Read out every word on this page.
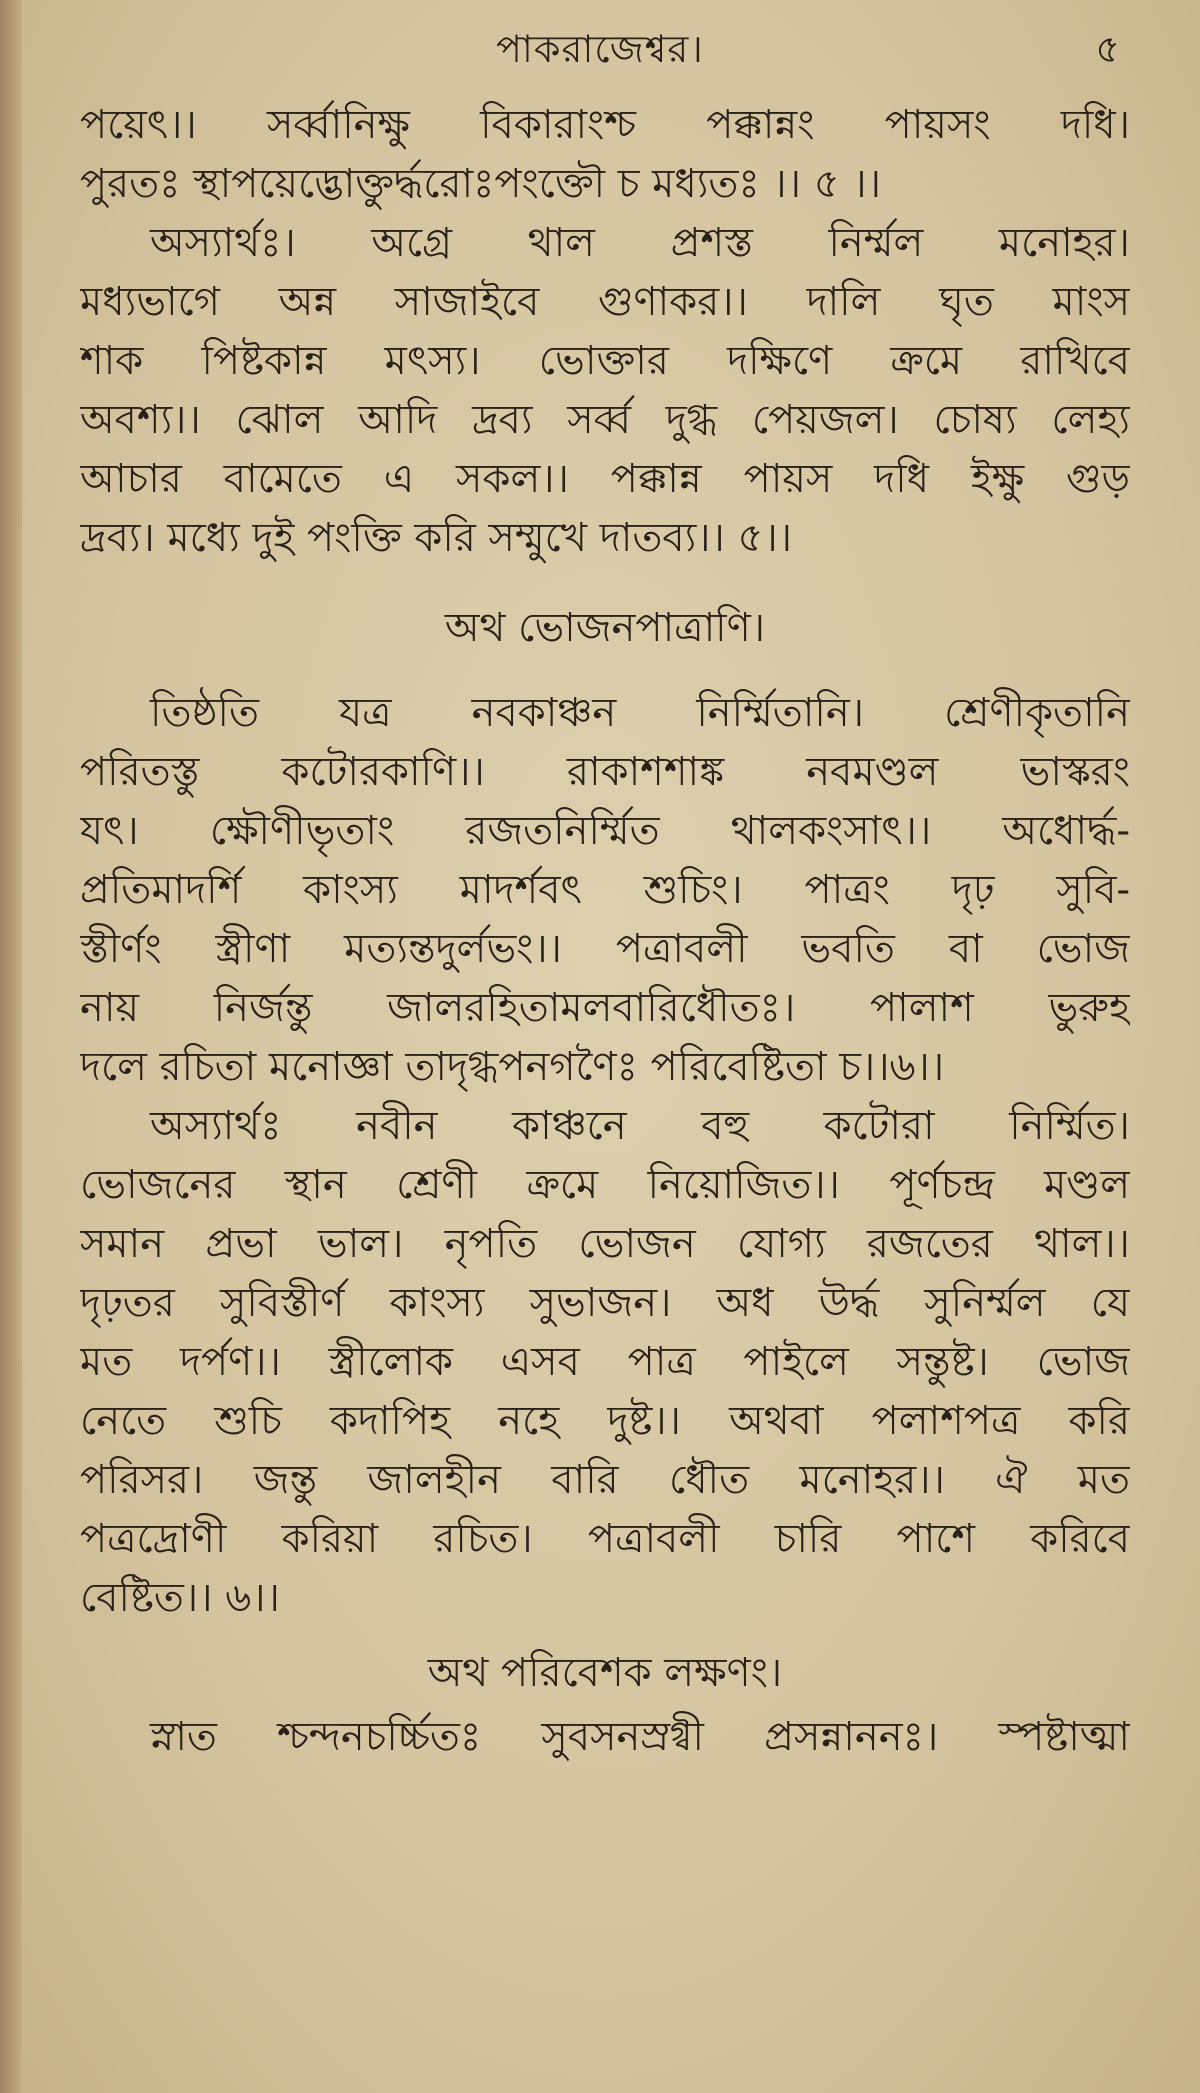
পাকরাজেশ্বর।	৫
পয়েৎ।। সর্ব্বানিক্ষু বিকারাংশ্চ পক্কান্নং পায়সং দধি।
পুরতঃ স্থাপয়েদ্ভোক্তুর্দ্ধরোঃপংক্তৌ চ মধ্যতঃ ।। ৫ ।।
অস্যার্থঃ। অগ্রে থাল প্রশস্ত নির্ম্মল মনোহর।
মধ্যভাগে অন্ন সাজাইবে গুণাকর।। দালি ঘৃত মাংস
শাক পিষ্টকান্ন মৎস্য। ভোক্তার দক্ষিণে ক্রমে রাখিবে
অবশ্য।। ঝোল আদি দ্রব্য সর্ব্ব দুগ্ধ পেয়জল। চোষ্য লেহ্য
আচার বামেতে এ সকল।। পক্কান্ন পায়স দধি ইক্ষু গুড়
দ্রব্য। মধ্যে দুই পংক্তি করি সম্মুখে দাতব্য।। ৫।।
অথ ভোজনপাত্রাণি।
তিষ্ঠতি যত্র নবকাঞ্চন নির্ম্মিতানি। শ্রেণীকৃতানি
পরিতস্তু কটোরকাণি।। রাকাশশাঙ্ক নবমণ্ডল ভাস্করং
যৎ। ক্ষৌণীভৃতাং রজতনির্ম্মিত থালকংসাৎ।। অধোর্দ্ধ-
প্রতিমাদর্শি কাংস্য মাদর্শবৎ শুচিং। পাত্রং দৃঢ় সুবি-
স্তীর্ণং স্ত্রীণা মত্যন্তদুর্লভং।। পত্রাবলী ভবতি বা ভোজ
নায় নির্জন্তু জালরহিতামলবারিধৌতঃ। পালাশ ভুরুহ
দলে রচিতা মনোজ্ঞা তাদৃগ্ধপনগণৈঃ পরিবেষ্টিতা চ।।৬।।
অস্যার্থঃ নবীন কাঞ্চনে বহু কটোরা নির্ম্মিত।
ভোজনের স্থান শ্রেণী ক্রমে নিয়োজিত।। পূর্ণচন্দ্র মণ্ডল
সমান প্রভা ভাল। নৃপতি ভোজন যোগ্য রজতের থাল।।
দৃঢ়তর সুবিস্তীর্ণ কাংস্য সুভাজন। অধ উর্দ্ধ সুনির্ম্মল যে
মত দর্পণ।। স্ত্রীলোক এসব পাত্র পাইলে সন্তুষ্ট। ভোজ
নেতে শুচি কদাপিহ নহে দুষ্ট।। অথবা পলাশপত্র করি
পরিসর। জন্তু জালহীন বারি ধৌত মনোহর।। ঐ মত
পত্রদ্রোণী করিয়া রচিত। পত্রাবলী চারি পাশে করিবে
বেষ্টিত।। ৬।।
অথ পরিবেশক লক্ষণং।
স্নাত শ্চন্দনচর্চ্চিতঃ সুবসনস্রগ্বী প্রসন্নাননঃ। স্পষ্টাত্মা
